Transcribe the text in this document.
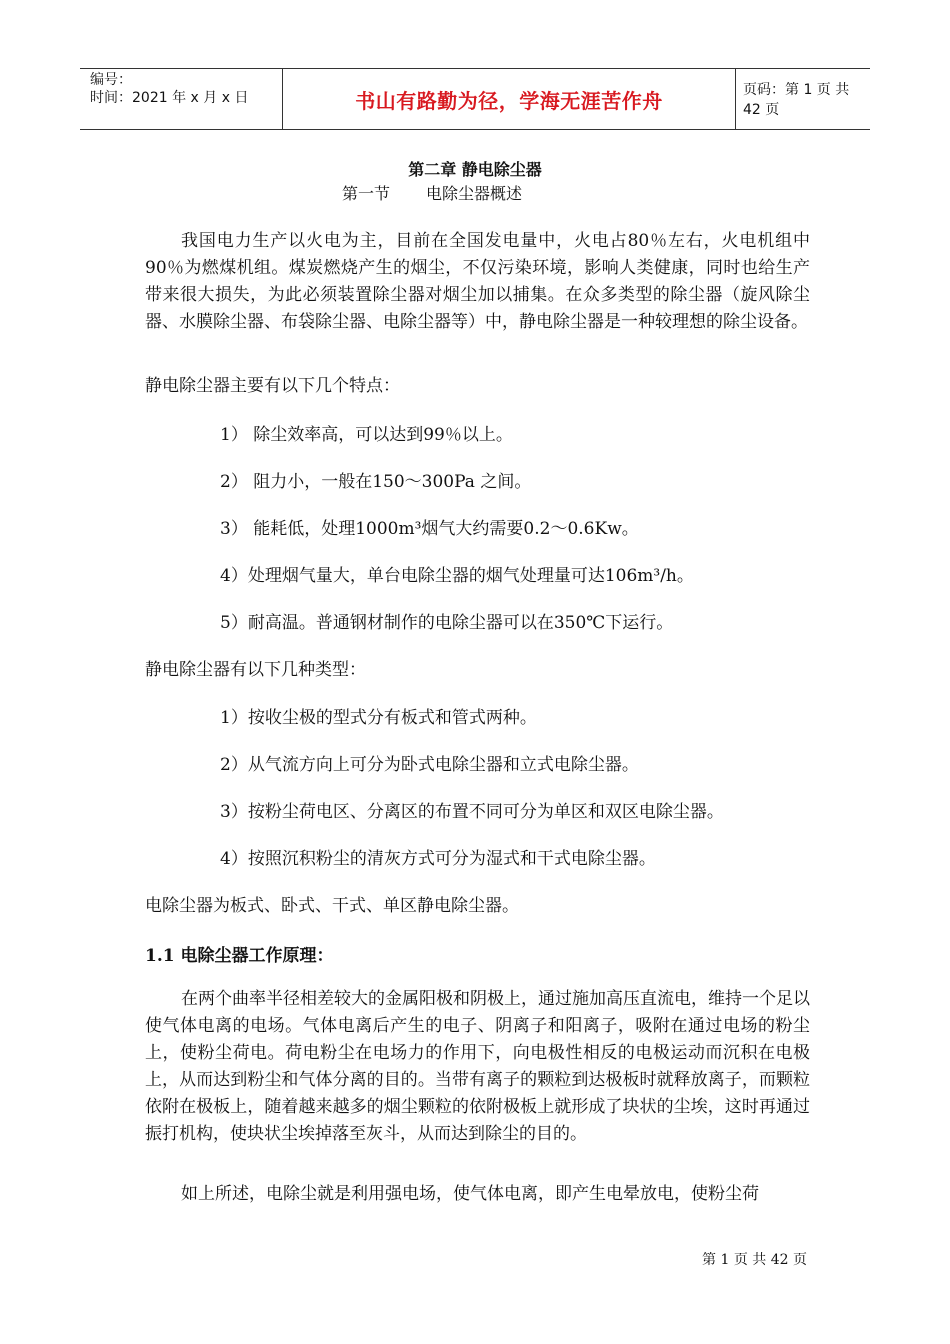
编号：
时间：2021 年 x 月 x 日	书山有路勤为径，学海无涯苦作舟	页码：第 1 页 共 42 页
第二章 静电除尘器
第一节 电除尘器概述
我国电力生产以火电为主，目前在全国发电量中，火电占80％左右，火电机组中90％为燃煤机组。煤炭燃烧产生的烟尘，不仅污染环境，影响人类健康，同时也给生产带来很大损失，为此必须装置除尘器对烟尘加以捕集。在众多类型的除尘器（旋风除尘器、水膜除尘器、布袋除尘器、电除尘器等）中，静电除尘器是一种较理想的除尘设备。
静电除尘器主要有以下几个特点：
1） 除尘效率高，可以达到99％以上。
2） 阻力小，一般在150～300Pa 之间。
3） 能耗低，处理1000m³烟气大约需要0.2～0.6Kw。
4）处理烟气量大，单台电除尘器的烟气处理量可达106m³/h。
5）耐高温。普通钢材制作的电除尘器可以在350℃下运行。
静电除尘器有以下几种类型：
1）按收尘极的型式分有板式和管式两种。
2）从气流方向上可分为卧式电除尘器和立式电除尘器。
3）按粉尘荷电区、分离区的布置不同可分为单区和双区电除尘器。
4）按照沉积粉尘的清灰方式可分为湿式和干式电除尘器。
电除尘器为板式、卧式、干式、单区静电除尘器。
1.1 电除尘器工作原理：
在两个曲率半径相差较大的金属阳极和阴极上，通过施加高压直流电，维持一个足以使气体电离的电场。气体电离后产生的电子、阴离子和阳离子，吸附在通过电场的粉尘上，使粉尘荷电。荷电粉尘在电场力的作用下，向电极性相反的电极运动而沉积在电极上，从而达到粉尘和气体分离的目的。当带有离子的颗粒到达极板时就释放离子，而颗粒依附在极板上，随着越来越多的烟尘颗粒的依附极板上就形成了块状的尘埃，这时再通过振打机构，使块状尘埃掉落至灰斗，从而达到除尘的目的。
如上所述，电除尘就是利用强电场，使气体电离，即产生电晕放电，使粉尘荷
第 1 页 共 42 页
